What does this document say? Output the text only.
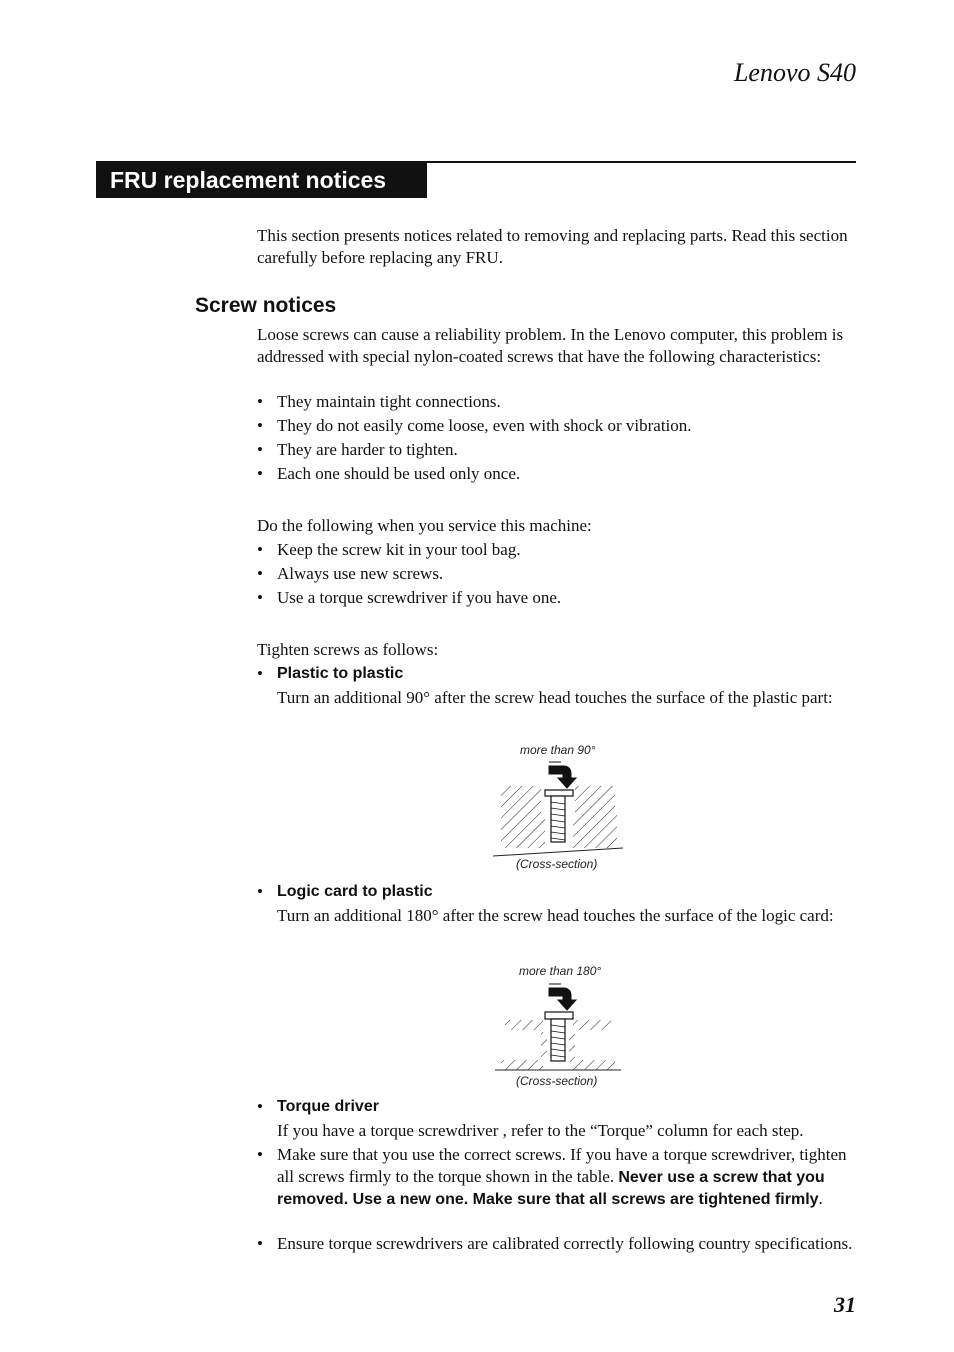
Lenovo S40
FRU replacement notices
This section presents notices related to removing and replacing parts. Read this section carefully before replacing any FRU.
Screw notices
Loose screws can cause a reliability problem. In the Lenovo computer, this problem is addressed with special nylon-coated screws that have the following characteristics:
• They maintain tight connections.
• They do not easily come loose, even with shock or vibration.
• They are harder to tighten.
• Each one should be used only once.
Do the following when you service this machine:
• Keep the screw kit in your tool bag.
• Always use new screws.
• Use a torque screwdriver if you have one.
Tighten screws as follows:
• Plastic to plastic
Turn an additional 90° after the screw head touches the surface of the plastic part:
more than 90°
(Cross-section)
• Logic card to plastic
Turn an additional 180° after the screw head touches the surface of the logic card:
more than 180°
(Cross-section)
• Torque driver
If you have a torque screwdriver , refer to the “Torque” column for each step.
• Make sure that you use the correct screws. If you have a torque screwdriver, tighten all screws firmly to the torque shown in the table. Never use a screw that you removed. Use a new one. Make sure that all screws are tightened firmly.
• Ensure torque screwdrivers are calibrated correctly following country specifications.
31
